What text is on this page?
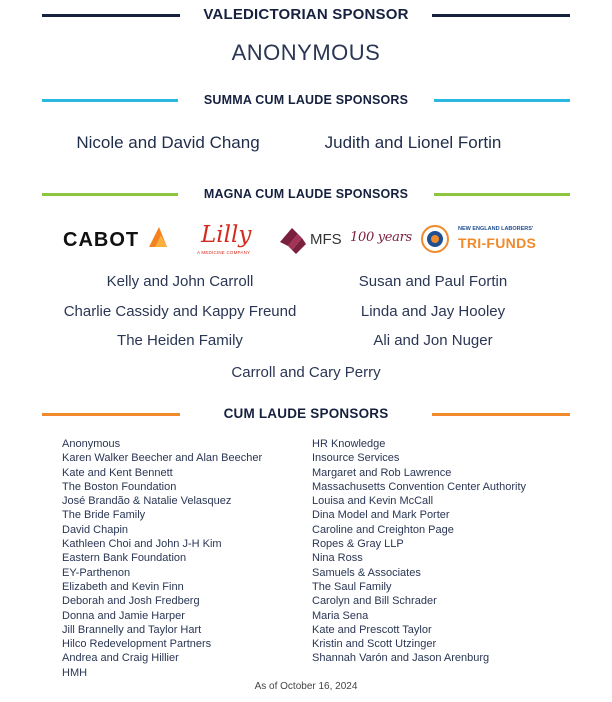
VALEDICTORIAN SPONSOR
ANONYMOUS
SUMMA CUM LAUDE SPONSORS
Nicole and David Chang	Judith and Lionel Fortin
MAGNA CUM LAUDE SPONSORS
CABOT	Lilly
A MEDICINE COMPANY
MFS 100 years
NEW ENGLAND LABORERS'
TRI-FUNDS
Kelly and John Carroll
Charlie Cassidy and Kappy Freund
The Heiden Family
Susan and Paul Fortin
Linda and Jay Hooley
Ali and Jon Nuger
Carroll and Cary Perry
CUM LAUDE SPONSORS
Anonymous
Karen Walker Beecher and Alan Beecher
Kate and Kent Bennett
The Boston Foundation
José Brandão & Natalie Velasquez
The Bride Family
David Chapin
Kathleen Choi and John J-H Kim
Eastern Bank Foundation
EY-Parthenon
Elizabeth and Kevin Finn
Deborah and Josh Fredberg
Donna and Jamie Harper
Jill Brannelly and Taylor Hart
Hilco Redevelopment Partners
Andrea and Craig Hillier
HMH
HR Knowledge
Insource Services
Margaret and Rob Lawrence
Massachusetts Convention Center Authority
Louisa and Kevin McCall
Dina Model and Mark Porter
Caroline and Creighton Page
Ropes & Gray LLP
Nina Ross
Samuels & Associates
The Saul Family
Carolyn and Bill Schrader
Maria Sena
Kate and Prescott Taylor
Kristin and Scott Utzinger
Shannah Varón and Jason Arenburg
As of October 16, 2024
